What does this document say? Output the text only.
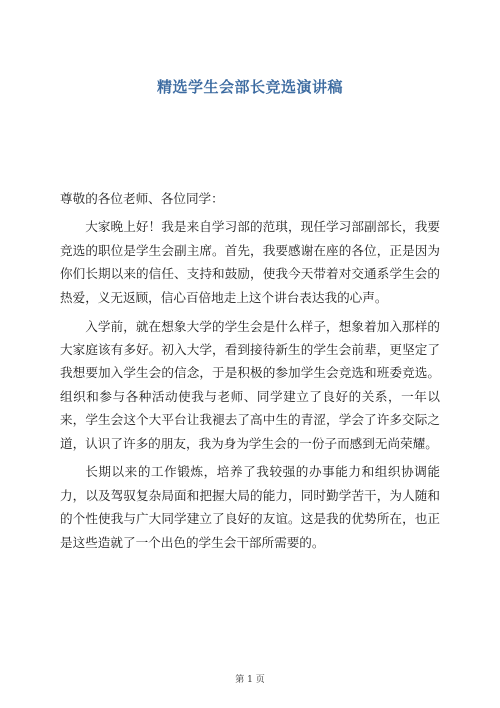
精选学生会部长竞选演讲稿

尊敬的各位老师、各位同学：

大家晚上好！我是来自学习部的范琪，现任学习部副部长，我要竞选的职位是学生会副主席。首先，我要感谢在座的各位，正是因为你们长期以来的信任、支持和鼓励，使我今天带着对交通系学生会的热爱，义无返顾，信心百倍地走上这个讲台表达我的心声。

入学前，就在想象大学的学生会是什么样子，想象着加入那样的大家庭该有多好。初入大学，看到接待新生的学生会前辈，更坚定了我想要加入学生会的信念，于是积极的参加学生会竞选和班委竞选。组织和参与各种活动使我与老师、同学建立了良好的关系，一年以来，学生会这个大平台让我褪去了高中生的青涩，学会了许多交际之道，认识了许多的朋友，我为身为学生会的一份子而感到无尚荣耀。

长期以来的工作锻炼，培养了我较强的办事能力和组织协调能力，以及驾驭复杂局面和把握大局的能力，同时勤学苦干，为人随和的个性使我与广大同学建立了良好的友谊。这是我的优势所在，也正是这些造就了一个出色的学生会干部所需要的。

第 1 页
